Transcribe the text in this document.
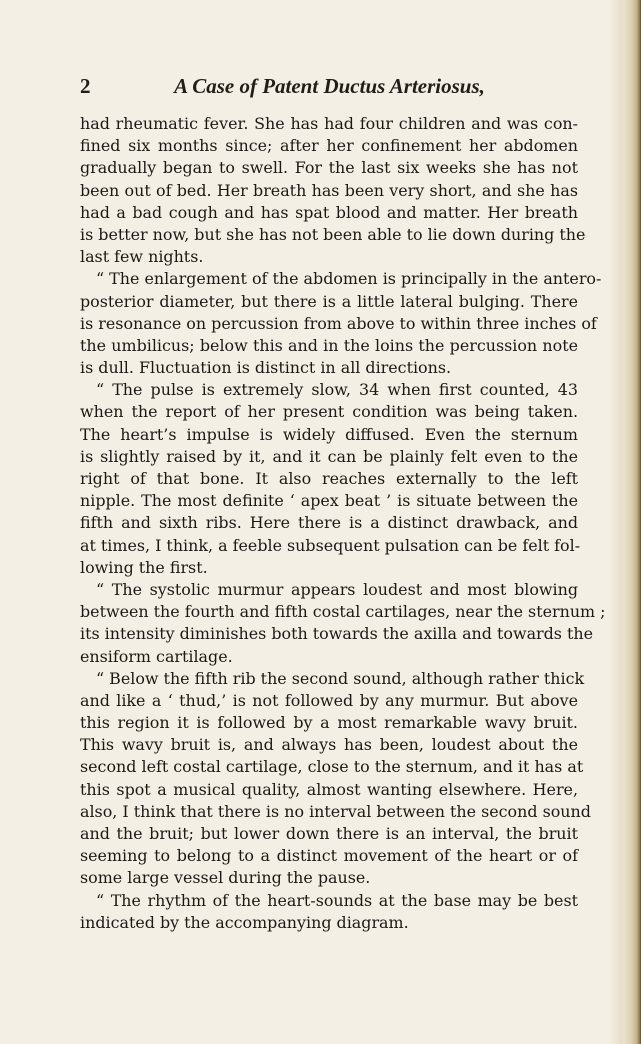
2	A Case of Patent Ductus Arteriosus,
had rheumatic fever. She has had four children and was con-
fined six months since; after her confinement her abdomen
gradually began to swell. For the last six weeks she has not
been out of bed. Her breath has been very short, and she has
had a bad cough and has spat blood and matter. Her breath
is better now, but she has not been able to lie down during the
last few nights.
“ The enlargement of the abdomen is principally in the antero-
posterior diameter, but there is a little lateral bulging. There
is resonance on percussion from above to within three inches of
the umbilicus; below this and in the loins the percussion note
is dull. Fluctuation is distinct in all directions.
“ The pulse is extremely slow, 34 when first counted, 43
when the report of her present condition was being taken.
The heart’s impulse is widely diffused. Even the sternum
is slightly raised by it, and it can be plainly felt even to the
right of that bone. It also reaches externally to the left
nipple. The most definite ‘ apex beat ’ is situate between the
fifth and sixth ribs. Here there is a distinct drawback, and
at times, I think, a feeble subsequent pulsation can be felt fol-
lowing the first.
“ The systolic murmur appears loudest and most blowing
between the fourth and fifth costal cartilages, near the sternum ;
its intensity diminishes both towards the axilla and towards the
ensiform cartilage.
“ Below the fifth rib the second sound, although rather thick
and like a ‘ thud,’ is not followed by any murmur. But above
this region it is followed by a most remarkable wavy bruit.
This wavy bruit is, and always has been, loudest about the
second left costal cartilage, close to the sternum, and it has at
this spot a musical quality, almost wanting elsewhere. Here,
also, I think that there is no interval between the second sound
and the bruit; but lower down there is an interval, the bruit
seeming to belong to a distinct movement of the heart or of
some large vessel during the pause.
“ The rhythm of the heart-sounds at the base may be best
indicated by the accompanying diagram.
